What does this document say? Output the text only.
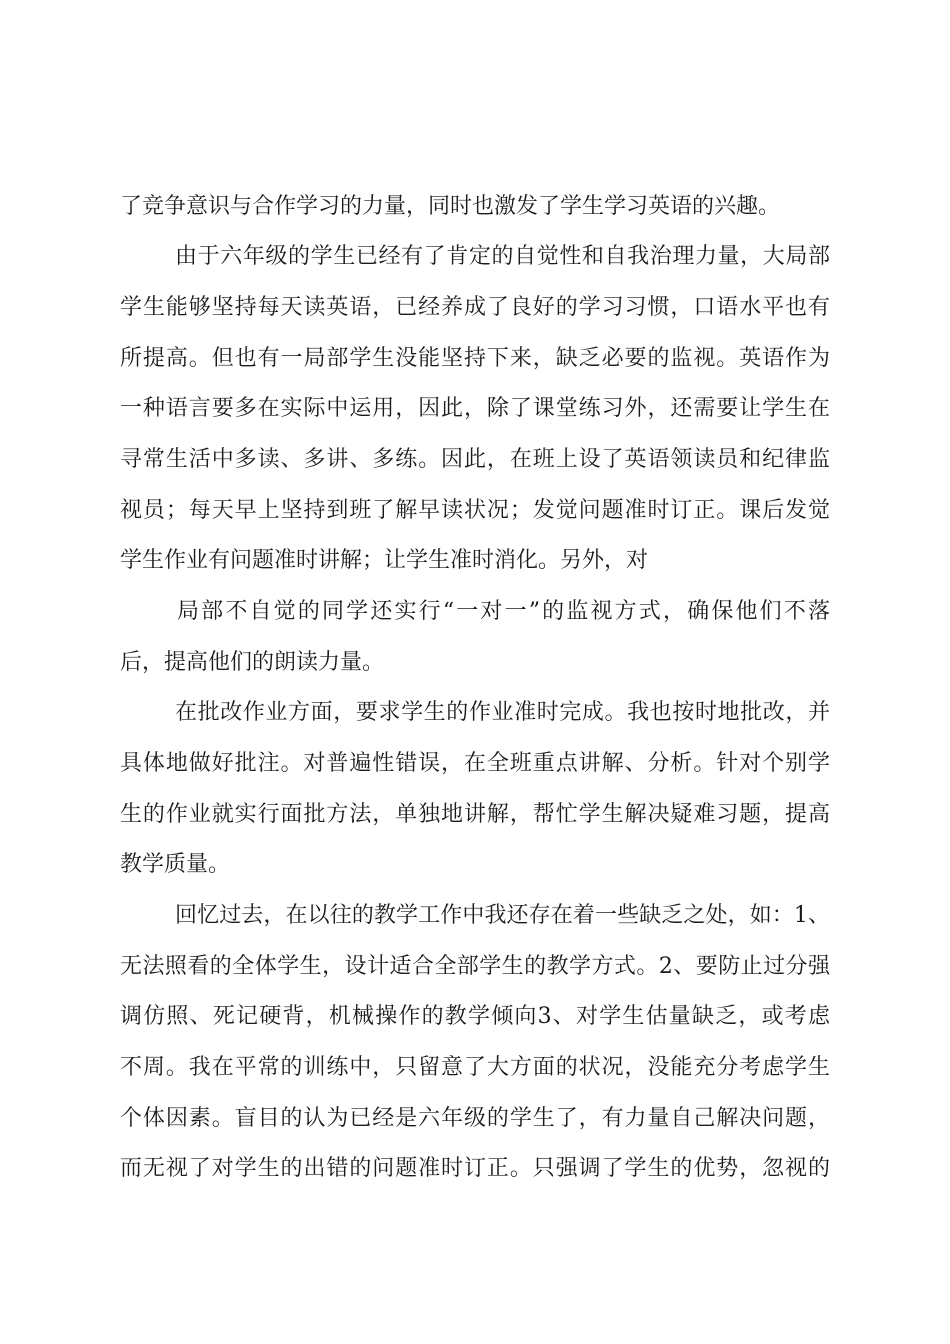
了竞争意识与合作学习的力量，同时也激发了学生学习英语的兴趣。
由于六年级的学生已经有了肯定的自觉性和自我治理力量，大局部
学生能够坚持每天读英语，已经养成了良好的学习习惯，口语水平也有
所提高。但也有一局部学生没能坚持下来，缺乏必要的监视。英语作为
一种语言要多在实际中运用，因此，除了课堂练习外，还需要让学生在
寻常生活中多读、多讲、多练。因此，在班上设了英语领读员和纪律监
视员；每天早上坚持到班了解早读状况；发觉问题准时订正。课后发觉
学生作业有问题准时讲解；让学生准时消化。另外，对
局部不自觉的同学还实行“一对一”的监视方式，确保他们不落
后，提高他们的朗读力量。
在批改作业方面，要求学生的作业准时完成。我也按时地批改，并
具体地做好批注。对普遍性错误，在全班重点讲解、分析。针对个别学
生的作业就实行面批方法，单独地讲解，帮忙学生解决疑难习题，提高
教学质量。
回忆过去，在以往的教学工作中我还存在着一些缺乏之处，如：1、
无法照看的全体学生，设计适合全部学生的教学方式。2、要防止过分强
调仿照、死记硬背，机械操作的教学倾向3、对学生估量缺乏，或考虑
不周。我在平常的训练中，只留意了大方面的状况，没能充分考虑学生
个体因素。盲目的认为已经是六年级的学生了，有力量自己解决问题，
而无视了对学生的出错的问题准时订正。只强调了学生的优势，忽视的
